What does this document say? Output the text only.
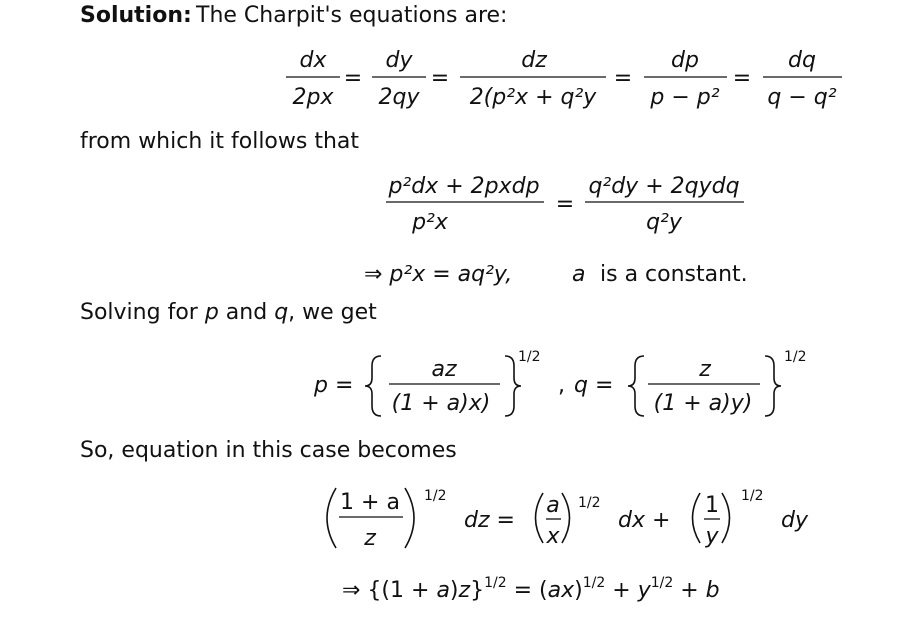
Solution: The Charpit's equations are:
from which it follows that
Solving for p and q, we get
So, equation in this case becomes
dx
2px
=
dy
2qy
=
dz
2(p²x + q²y
=
dp
p − p²
=
dq
q − q²
p²dx + 2pxdp
p²x
=
q²dy + 2qydq
q²y
⇒ p²x = aq²y,	a is a constant.
p =
az
(1 + a)x)
1/2
, q =
z
(1 + a)y)
1/2
1 + a
z
1/2
dz =
a
x
1/2
dx +
1
y
1/2
dy
⇒ $\{(1 + a)z\}^{1/2} = (ax)^{1/2} + y^{1/2} + b$
